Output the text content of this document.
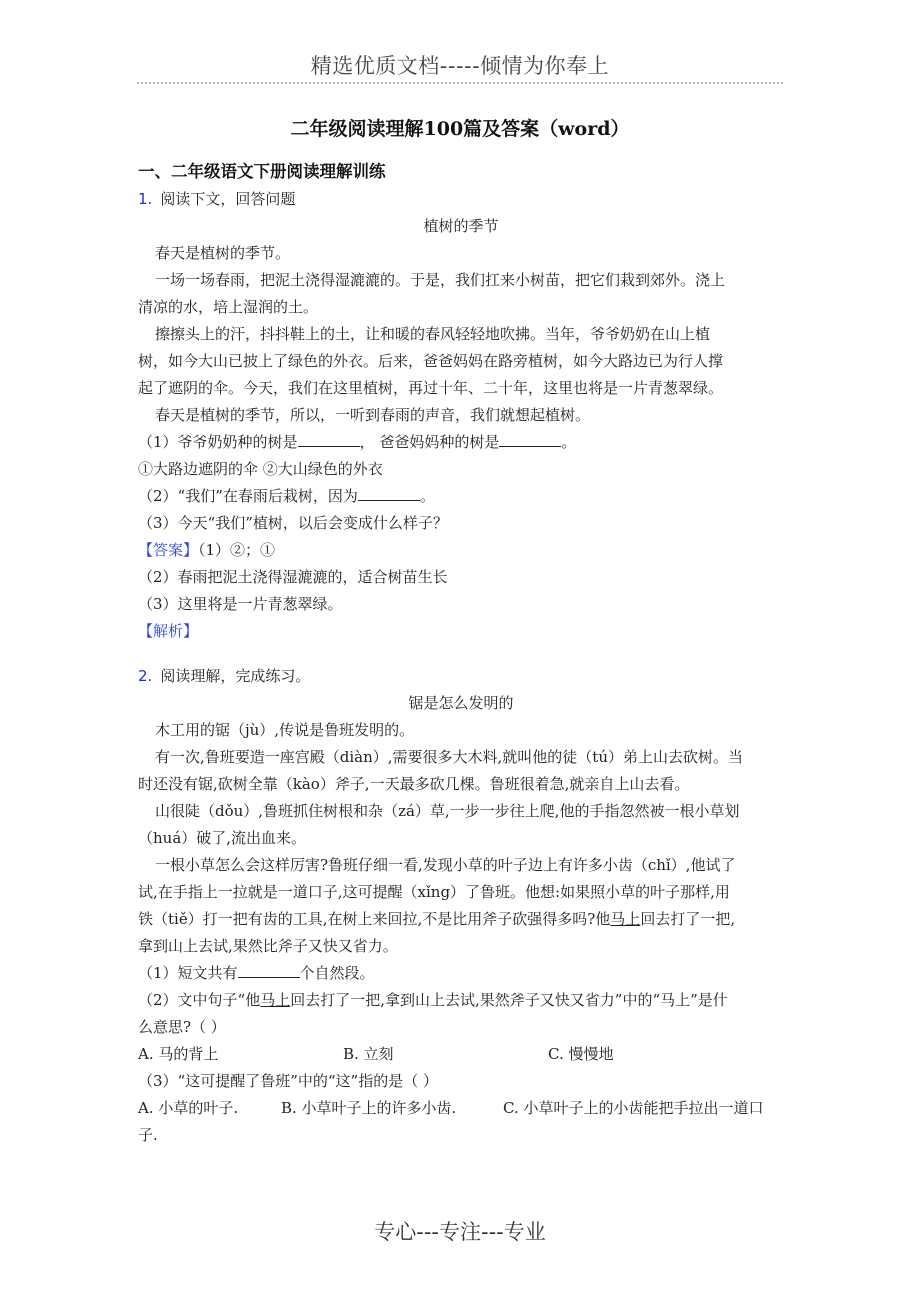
精选优质文档-----倾情为你奉上
二年级阅读理解100篇及答案（word）
一、二年级语文下册阅读理解训练
1. 阅读下文，回答问题
植树的季节
春天是植树的季节。
一场一场春雨，把泥土浇得湿漉漉的。于是，我们扛来小树苗，把它们栽到郊外。浇上
清凉的水，培上湿润的土。
擦擦头上的汗，抖抖鞋上的土，让和暖的春风轻轻地吹拂。当年，爷爷奶奶在山上植
树，如今大山已披上了绿色的外衣。后来，爸爸妈妈在路旁植树，如今大路边已为行人撑
起了遮阴的伞。今天，我们在这里植树，再过十年、二十年，这里也将是一片青葱翠绿。
春天是植树的季节，所以，一听到春雨的声音，我们就想起植树。
（1）爷爷奶奶种的树是	， 爸爸妈妈种的树是	。
①大路边遮阴的伞 ②大山绿色的外衣
（2）“我们”在春雨后栽树，因为	。
（3）今天“我们”植树，以后会变成什么样子？
【答案】（1）②；①
（2）春雨把泥土浇得湿漉漉的，适合树苗生长
（3）这里将是一片青葱翠绿。
【解析】
2. 阅读理解，完成练习。
锯是怎么发明的
木工用的锯（jù）,传说是鲁班发明的。
有一次,鲁班要造一座宫殿（diàn）,需要很多大木料,就叫他的徒（tú）弟上山去砍树。当
时还没有锯,砍树全靠（kào）斧子,一天最多砍几棵。鲁班很着急,就亲自上山去看。
山很陡（dǒu）,鲁班抓住树根和杂（zá）草,一步一步往上爬,他的手指忽然被一根小草划
（huá）破了,流出血来。
一根小草怎么会这样厉害?鲁班仔细一看,发现小草的叶子边上有许多小齿（chǐ）,他试了
试,在手指上一拉就是一道口子,这可提醒（xǐng）了鲁班。他想:如果照小草的叶子那样,用
铁（tiě）打一把有齿的工具,在树上来回拉,不是比用斧子砍强得多吗?他马上回去打了一把,
拿到山上去试,果然比斧子又快又省力。
（1）短文共有	个自然段。
（2）文中句子“他马上回去打了一把,拿到山上去试,果然斧子又快又省力”中的“马上”是什
么意思?（ ）
A. 马的背上	B. 立刻	C. 慢慢地
（3）“这可提醒了鲁班”中的“这”指的是（ ）
A. 小草的叶子.	B. 小草叶子上的许多小齿.	C. 小草叶子上的小齿能把手拉出一道口
子.
专心---专注---专业
